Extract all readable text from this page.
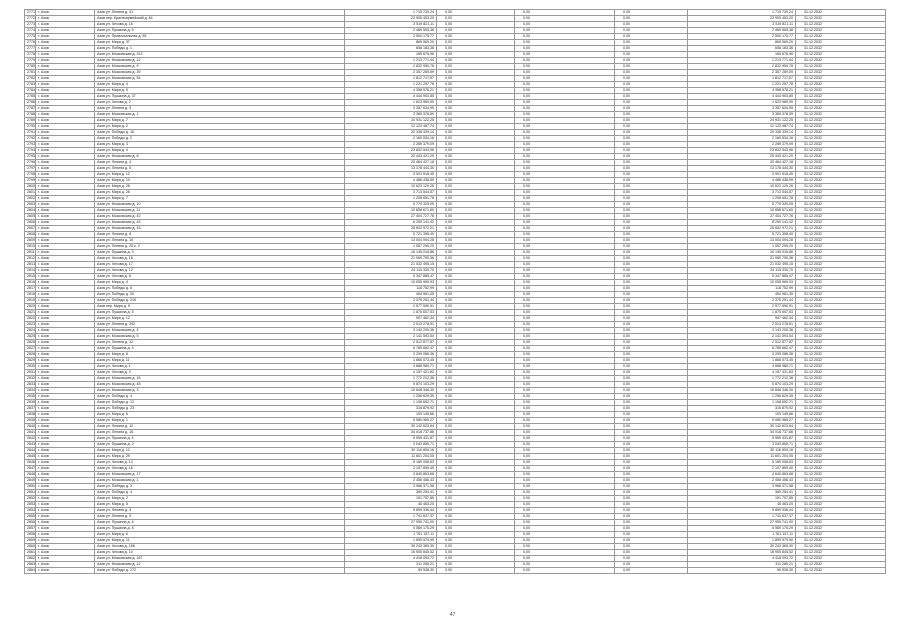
2771	г. Азов	Азов ул. Ленина д. 41	1 715 730,24	0,00	0,00	0,00	1 715 730,24	31.12.2032
2772	г. Азов	Азов пер. Красноармейский д. 84	23 905 453,20	0,00	0,00	0,00	23 905 453,20	31.12.2032
2773	г. Азов	Азов ул. Чехова д. 16	3 519 821,11	0,00	0,00	0,00	3 519 821,11	31.12.2032
2774	г. Азов	Азов ул. Пушкина д. 5	2 489 505,38	0,00	0,00	0,00	2 489 505,38	31.12.2032
2775	г. Азов	Азов ул. Привокзальная д. 55	2 500 175,77	0,00	0,00	0,00	2 500 175,77	31.12.2032
2776	г. Азов	Азов ул. Мира д. 37	869 569,20	0,00	0,00	0,00	869 569,20	31.12.2032
2777	г. Азов	Азов ул. Победы д. 1	658 183,36	0,00	0,00	0,00	658 183,36	31.12.2032
2778	г. Азов	Азов ул. Московская д. 313	165 676,96	0,00	0,00	0,00	165 676,96	31.12.2032
2779	г. Азов	Азов ул. Московская д. 12	1 213 771,44	0,00	0,00	0,00	1 213 771,44	31.12.2032
2780	г. Азов	Азов ул. Московская д. 9	2 832 950,78	0,00	0,00	0,00	2 832 950,78	31.12.2032
2781	г. Азов	Азов ул. Московская д. 39	2 357 269,59	0,00	0,00	0,00	2 357 269,59	31.12.2032
2782	г. Азов	Азов ул. Московская д. 54	1 812 717,57	0,00	0,00	0,00	1 812 717,57	31.12.2032
2783	г. Азов	Азов ул. Мира д. 4	1 221 257,78	0,00	0,00	0,00	1 221 257,78	31.12.2032
2784	г. Азов	Азов ул. Мира д. 5	4 358 578,21	0,00	0,00	0,00	4 358 578,21	31.12.2032
2785	г. Азов	Азов ул. Пушкина д. 37	4 444 903,85	0,00	0,00	0,00	4 444 903,85	31.12.2032
2786	г. Азов	Азов ул. Чехова д. 2	1 623 969,99	0,00	0,00	0,00	1 623 969,99	31.12.2032
2787	г. Азов	Азов ул. Ленина д. 3	3 357 634,95	0,00	0,00	0,00	3 357 634,95	31.12.2032
2788	г. Азов	Азов ул. Московская д. 1	3 365 378,59	0,00	0,00	0,00	3 365 378,59	31.12.2032
2789	г. Азов	Азов ул. Мира д. 7	24 931 122,25	0,00	0,00	0,00	24 931 122,25	31.12.2032
2790	г. Азов	Азов ул. Мира д. 2	12 123 487,74	0,00	0,00	0,00	12 123 487,74	31.12.2032
2791	г. Азов	Азов ул. Победы д. 16	20 338 339,14	0,00	0,00	0,00	20 338 339,14	31.12.2032
2792	г. Азов	Азов ул. Победы д. 2	2 169 534,16	0,00	0,00	0,00	2 169 534,16	31.12.2032
2793	г. Азов	Азов ул. Мира д. 3	2 289 379,09	0,00	0,00	0,00	2 289 379,09	31.12.2032
2794	г. Азов	Азов ул. Мира д. 4	23 832 543,98	0,00	0,00	0,00	23 832 543,98	31.12.2032
2795	г. Азов	Азов ул. Московская д. 8	20 443 421,20	0,00	0,00	0,00	20 443 421,20	31.12.2032
2796	г. Азов	Азов ул. Ленина д. 4	20 464 427,18	0,00	0,00	0,00	20 464 427,18	31.12.2032
2797	г. Азов	Азов ул. Ленина д. 5	13 178 444,30	0,00	0,00	0,00	13 178 444,30	31.12.2032
2798	г. Азов	Азов ул. Мира д. 12	3 001 518,45	0,00	0,00	0,00	3 001 518,45	31.12.2032
2799	г. Азов	Азов ул. Мира д. 10	4 486 438,59	0,00	0,00	0,00	4 486 438,59	31.12.2032
2800	г. Азов	Азов ул. Мира д. 26	10 623 129,26	0,00	0,00	0,00	10 623 129,26	31.12.2032
2801	г. Азов	Азов ул. Мира д. 28	3 713 544,57	0,00	0,00	0,00	3 713 544,57	31.12.2032
2802	г. Азов	Азов ул. Мира д. 7	1 208 651,78	0,00	0,00	0,00	1 208 651,78	31.12.2032
2803	г. Азов	Азов ул. Московская д. 10	5 779 325,05	0,00	0,00	0,00	5 779 325,05	31.12.2032
2804	г. Азов	Азов ул. Московская д. 11	10 858 671,60	0,00	0,00	0,00	10 858 671,60	31.12.2032
2805	г. Азов	Азов ул. Московская д. 42	27 404 727,76	0,00	0,00	0,00	27 404 727,76	31.12.2032
2806	г. Азов	Азов ул. Московская д. 43	8 250 141,42	0,00	0,00	0,00	8 250 141,42	31.12.2032
2807	г. Азов	Азов ул. Московская д. 43	25 602 972,21	0,00	0,00	0,00	25 602 972,21	31.12.2032
2808	г. Азов	Азов ул. Ленина д. 8	5 721 398,40	0,00	0,00	0,00	5 721 398,40	31.12.2032
2809	г. Азов	Азов ул. Ленина д. 10	13 004 094,28	0,00	0,00	0,00	13 004 094,28	31.12.2032
2810	г. Азов	Азов ул. Ленина д. 25 к. 2	1 057 295,20	0,00	0,00	0,00	1 057 295,20	31.12.2032
2811	г. Азов	Азов ул. Пушкина д. 9	16 145 016,86	0,00	0,00	0,00	16 145 016,86	31.12.2032
2812	г. Азов	Азов ул. Чехова д. 16	21 069 790,36	0,00	0,00	0,00	21 069 790,36	31.12.2032
2813	г. Азов	Азов ул. Чехова д. 17	21 032 495,15	0,00	0,00	0,00	21 032 495,15	31.12.2032
2814	г. Азов	Азов ул. Чехова д. 12	24 115 330,70	0,00	0,00	0,00	24 115 330,70	31.12.2032
2815	г. Азов	Азов ул. Чехова д. 8	5 347 885,47	0,00	0,00	0,00	5 347 885,47	31.12.2032
2816	г. Азов	Азов ул. Мира д. 4	10 055 969,93	0,00	0,00	0,00	10 055 969,93	31.12.2032
2817	г. Азов	Азов ул. Победы д. 6	118 752,99	0,00	0,00	0,00	118 752,99	31.12.2032
2818	г. Азов	Азов ул. Победы д. 20	454 961,35	0,00	0,00	0,00	454 961,35	31.12.2032
2819	г. Азов	Азов ул. Победы д. 216	2 375 251,44	0,00	0,00	0,00	2 375 251,44	31.12.2032
2820	г. Азов	Азов пер. Мира д. 9	2 577 590,91	0,00	0,00	0,00	2 577 590,91	31.12.2032
2821	г. Азов	Азов ул. Пушкина д. 5	1 875 607,53	0,00	0,00	0,00	1 875 607,53	31.12.2032
2822	г. Азов	Азов ул. Мира д. 12	907 462,34	0,00	0,00	0,00	907 462,34	31.12.2032
2823	г. Азов	Азов ул. Ленина д. 202	2 513 278,51	0,00	0,00	0,00	2 513 278,51	31.12.2032
2824	г. Азов	Азов ул. Московская д. 4	3 143 205,36	0,00	0,00	0,00	3 143 205,36	31.12.2032
2825	г. Азов	Азов ул. Московская д. 5	2 141 593,54	0,00	0,00	0,00	2 141 593,54	31.12.2032
2826	г. Азов	Азов ул. Ленина д. 12	2 512 877,87	0,00	0,00	0,00	2 512 877,87	31.12.2032
2827	г. Азов	Азов ул. Пушкина д. 4	6 785 662,47	0,00	0,00	0,00	6 785 662,47	31.12.2032
2828	г. Азов	Азов ул. Мира д. 8	3 209 086,36	0,00	0,00	0,00	3 209 086,36	31.12.2032
2829	г. Азов	Азов ул. Мира д. 11	1 866 073,45	0,00	0,00	0,00	1 866 073,45	31.12.2032
2830	г. Азов	Азов ул. Чехова д. 1	4 688 980,71	0,00	0,00	0,00	4 688 980,71	31.12.2032
2831	г. Азов	Азов ул. Чехова д. 3	4 157 421,83	0,00	0,00	0,00	4 157 421,83	31.12.2032
2832	г. Азов	Азов ул. Московская д. 16	1 772 212,38	0,00	0,00	0,00	1 772 212,38	31.12.2032
2833	г. Азов	Азов ул. Московская д. 45	5 874 103,29	0,00	0,00	0,00	5 874 103,29	31.12.2032
2834	г. Азов	Азов ул. Московская д. 3	10 848 346,30	0,00	0,00	0,00	10 848 346,30	31.12.2032
2835	г. Азов	Азов ул. Победы д. 4	1 256 629,35	0,00	0,00	0,00	1 256 629,35	31.12.2032
2836	г. Азов	Азов ул. Победы д. 12	1 108 652,71	0,00	0,00	0,00	1 108 652,71	31.12.2032
2837	г. Азов	Азов ул. Победы д. 23	316 879,92	0,00	0,00	0,00	316 879,92	31.12.2032
2838	г. Азов	Азов ул. Мира д. 6	193 145,66	0,00	0,00	0,00	193 145,66	31.12.2032
2839	г. Азов	Азов ул. Мира д. 1	5 080 965,27	0,00	0,00	0,00	5 080 965,27	31.12.2032
2840	г. Азов	Азов ул. Ленина д. 12	30 142 623,64	0,00	0,00	0,00	30 142 623,64	31.12.2032
2841	г. Азов	Азов ул. Ленина д. 16	34 018 737,86	0,00	0,00	0,00	34 018 737,86	31.12.2032
2842	г. Азов	Азов ул. Пушкина д. 4	5 959 431,87	0,00	0,00	0,00	5 959 431,87	31.12.2032
2843	г. Азов	Азов ул. Пушкина д. 2	3 043 855,71	0,00	0,00	0,00	3 043 855,71	31.12.2032
2844	г. Азов	Азов ул. Мира д. 12	30 116 809,16	0,00	0,00	0,00	30 116 809,16	31.12.2032
2845	г. Азов	Азов ул. Мира д. 29	11 601 204,05	0,00	0,00	0,00	11 601 204,05	31.12.2032
2846	г. Азов	Азов ул. Чехова д. 13	5 189 008,63	0,00	0,00	0,00	5 189 008,63	31.12.2032
2847	г. Азов	Азов ул. Чехова д. 16	2 107 859,40	0,00	0,00	0,00	2 107 859,40	31.12.2032
2848	г. Азов	Азов ул. Московская д. 17	4 640 863,68	0,00	0,00	0,00	4 640 863,68	31.12.2032
2849	г. Азов	Азов ул. Московская д. 1	2 456 456,43	0,00	0,00	0,00	2 456 456,43	31.12.2032
2850	г. Азов	Азов ул. Победы д. 3	3 966 371,58	0,00	0,00	0,00	3 966 371,58	31.12.2032
2851	г. Азов	Азов ул. Победы д. 4	369 254,41	0,00	0,00	0,00	369 254,41	31.12.2032
2852	г. Азов	Азов ул. Мира д. 2	151 707,85	0,00	0,00	0,00	151 707,85	31.12.2032
2853	г. Азов	Азов ул. Мира д. 5	45 463,20	0,00	0,00	0,00	45 463,20	31.12.2032
2854	г. Азов	Азов ул. Ленина д. 3	5 899 336,44	0,00	0,00	0,00	5 899 336,44	31.12.2032
2855	г. Азов	Азов ул. Ленина д. 5	1 741 637,37	0,00	0,00	0,00	1 741 637,37	31.12.2032
2856	г. Азов	Азов ул. Пушкина д. 6	27 950 741,00	0,00	0,00	0,00	27 950 741,00	31.12.2032
2857	г. Азов	Азов ул. Пушкина д. 8	5 569 175,29	0,00	0,00	0,00	5 569 175,29	31.12.2032
2858	г. Азов	Азов ул. Мира д. 6	1 761 157,11	0,00	0,00	0,00	1 761 157,11	31.12.2032
2859	г. Азов	Азов ул. Мира д. 11	1 899 579,90	0,00	0,00	0,00	1 899 579,90	31.12.2032
2860	г. Азов	Азов ул. Чехова д. 166	30 243 365,30	0,00	0,00	0,00	30 243 365,30	31.12.2032
2861	г. Азов	Азов ул. Чехова д. 10	16 905 845,52	0,00	0,00	0,00	16 905 845,52	31.12.2032
2862	г. Азов	Азов ул. Московская д. 167	4 418 093,72	0,00	0,00	0,00	4 418 093,72	31.12.2032
2863	г. Азов	Азов ул. Московская д. 12	311 285,21	0,00	0,00	0,00	311 285,21	31.12.2032
2864	г. Азов	Азов ул. Победы д. 172	59 538,30	0,00	0,00	0,00	59 538,30	31.12.2032
47
